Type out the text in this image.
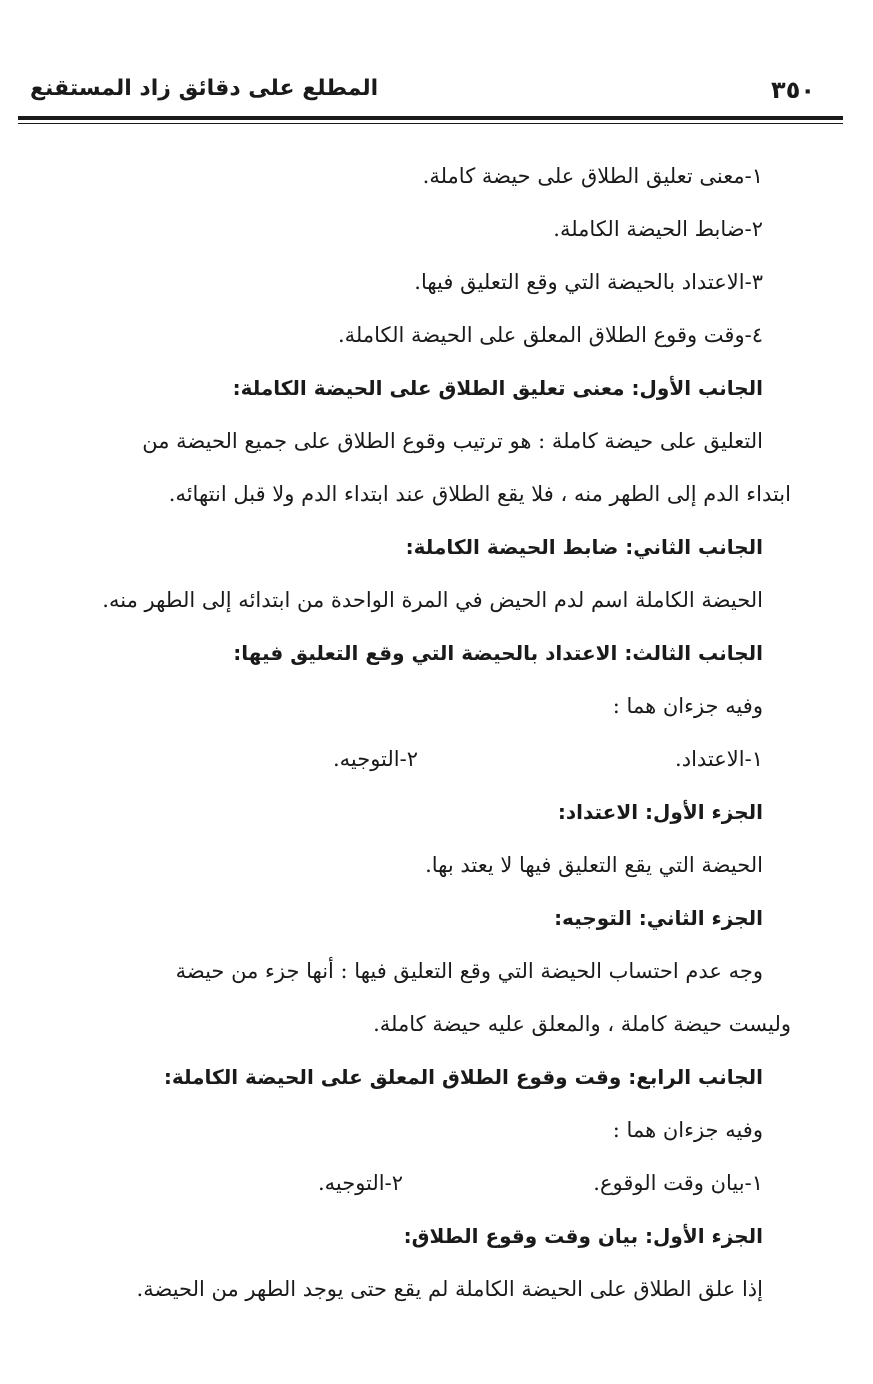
٣٥٠
المطلع على دقائق زاد المستقنع
١-معنى تعليق الطلاق على حيضة كاملة.
٢-ضابط الحيضة الكاملة.
٣-الاعتداد بالحيضة التي وقع التعليق فيها.
٤-وقت وقوع الطلاق المعلق على الحيضة الكاملة.
الجانب الأول: معنى تعليق الطلاق على الحيضة الكاملة:
التعليق على حيضة كاملة : هو ترتيب وقوع الطلاق على جميع الحيضة من
ابتداء الدم إلى الطهر منه ، فلا يقع الطلاق عند ابتداء الدم ولا قبل انتهائه.
الجانب الثاني: ضابط الحيضة الكاملة:
الحيضة الكاملة اسم لدم الحيض في المرة الواحدة من ابتدائه إلى الطهر منه.
الجانب الثالث: الاعتداد بالحيضة التي وقع التعليق فيها:
وفيه جزءان هما :
١-الاعتداد.
٢-التوجيه.
الجزء الأول: الاعتداد:
الحيضة التي يقع التعليق فيها لا يعتد بها.
الجزء الثاني: التوجيه:
وجه عدم احتساب الحيضة التي وقع التعليق فيها : أنها جزء من حيضة
وليست حيضة كاملة ، والمعلق عليه حيضة كاملة.
الجانب الرابع: وقت وقوع الطلاق المعلق على الحيضة الكاملة:
وفيه جزءان هما :
١-بيان وقت الوقوع.
٢-التوجيه.
الجزء الأول: بيان وقت وقوع الطلاق:
إذا علق الطلاق على الحيضة الكاملة لم يقع حتى يوجد الطهر من الحيضة.
